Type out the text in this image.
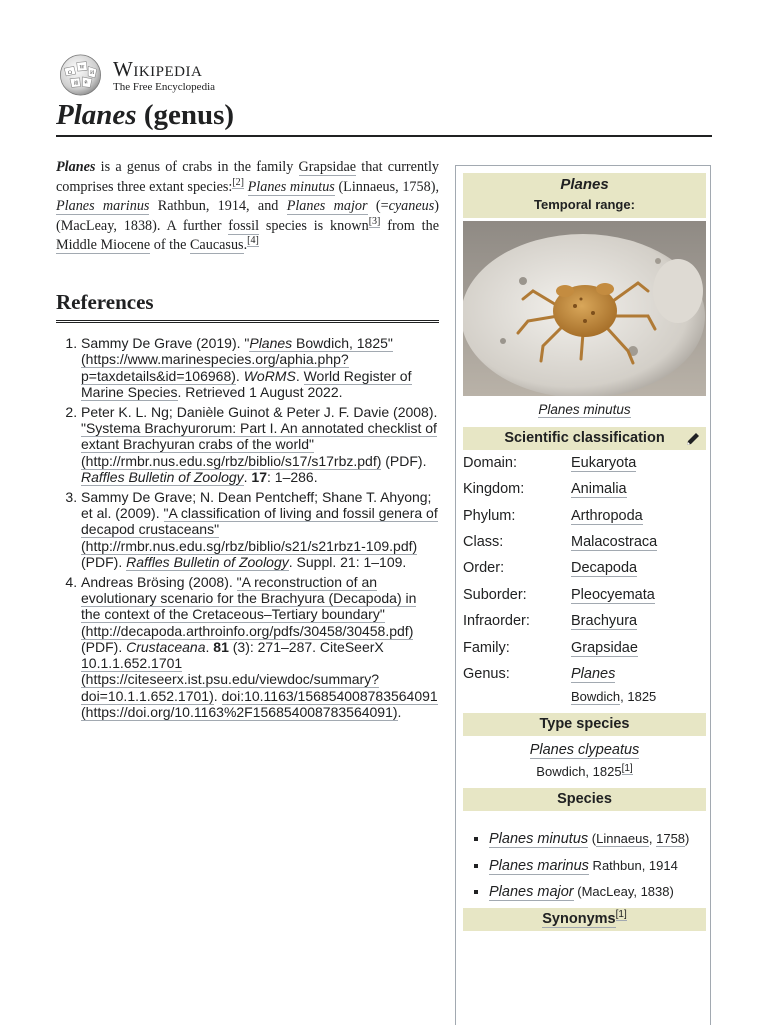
Ω
W
И
維 ค
Wikipedia
The Free Encyclopedia
Planes (genus)

Planes is a genus of crabs in the family Grapsidae that currently comprises three extant species:[2] Planes minutus (Linnaeus, 1758), Planes marinus Rathbun, 1914, and Planes major (=cyaneus) (MacLeay, 1838). A further fossil species is known[3] from the Middle Miocene of the Caucasus.[4]

References
1. Sammy De Grave (2019). "Planes Bowdich, 1825" (https://www.marinespecies.org/aphia.php?p=taxdetails&id=106968). WoRMS. World Register of Marine Species. Retrieved 1 August 2022.
2. Peter K. L. Ng; Danièle Guinot & Peter J. F. Davie (2008). "Systema Brachyurorum: Part I. An annotated checklist of extant Brachyuran crabs of the world" (http://rmbr.nus.edu.sg/rbz/biblio/s17/s17rbz.pdf) (PDF). Raffles Bulletin of Zoology. 17: 1–286.
3. Sammy De Grave; N. Dean Pentcheff; Shane T. Ahyong; et al. (2009). "A classification of living and fossil genera of decapod crustaceans" (http://rmbr.nus.edu.sg/rbz/biblio/s21/s21rbz1-109.pdf) (PDF). Raffles Bulletin of Zoology. Suppl. 21: 1–109.
4. Andreas Brösing (2008). "A reconstruction of an evolutionary scenario for the Brachyura (Decapoda) in the context of the Cretaceous–Tertiary boundary" (http://decapoda.arthroinfo.org/pdfs/30458/30458.pdf) (PDF). Crustaceana. 81 (3): 271–287. CiteSeerX 10.1.1.652.1701 (https://citeseerx.ist.psu.edu/viewdoc/summary?doi=10.1.1.652.1701). doi:10.1163/156854008783564091 (https://doi.org/10.1163%2F156854008783564091).
Planes
Temporal range:
Planes minutus
Scientific classification
Domain:	Eukaryota
Kingdom:	Animalia
Phylum:	Arthropoda
Class:	Malacostraca
Order:	Decapoda
Suborder:	Pleocyemata
Infraorder:	Brachyura
Family:	Grapsidae
Genus:	Planes
Bowdich, 1825
Type species
Planes clypeatus
Bowdich, 1825[1]
Species
▪ Planes minutus (Linnaeus, 1758)
▪ Planes marinus Rathbun, 1914
▪ Planes major (MacLeay, 1838)
Synonyms[1]
